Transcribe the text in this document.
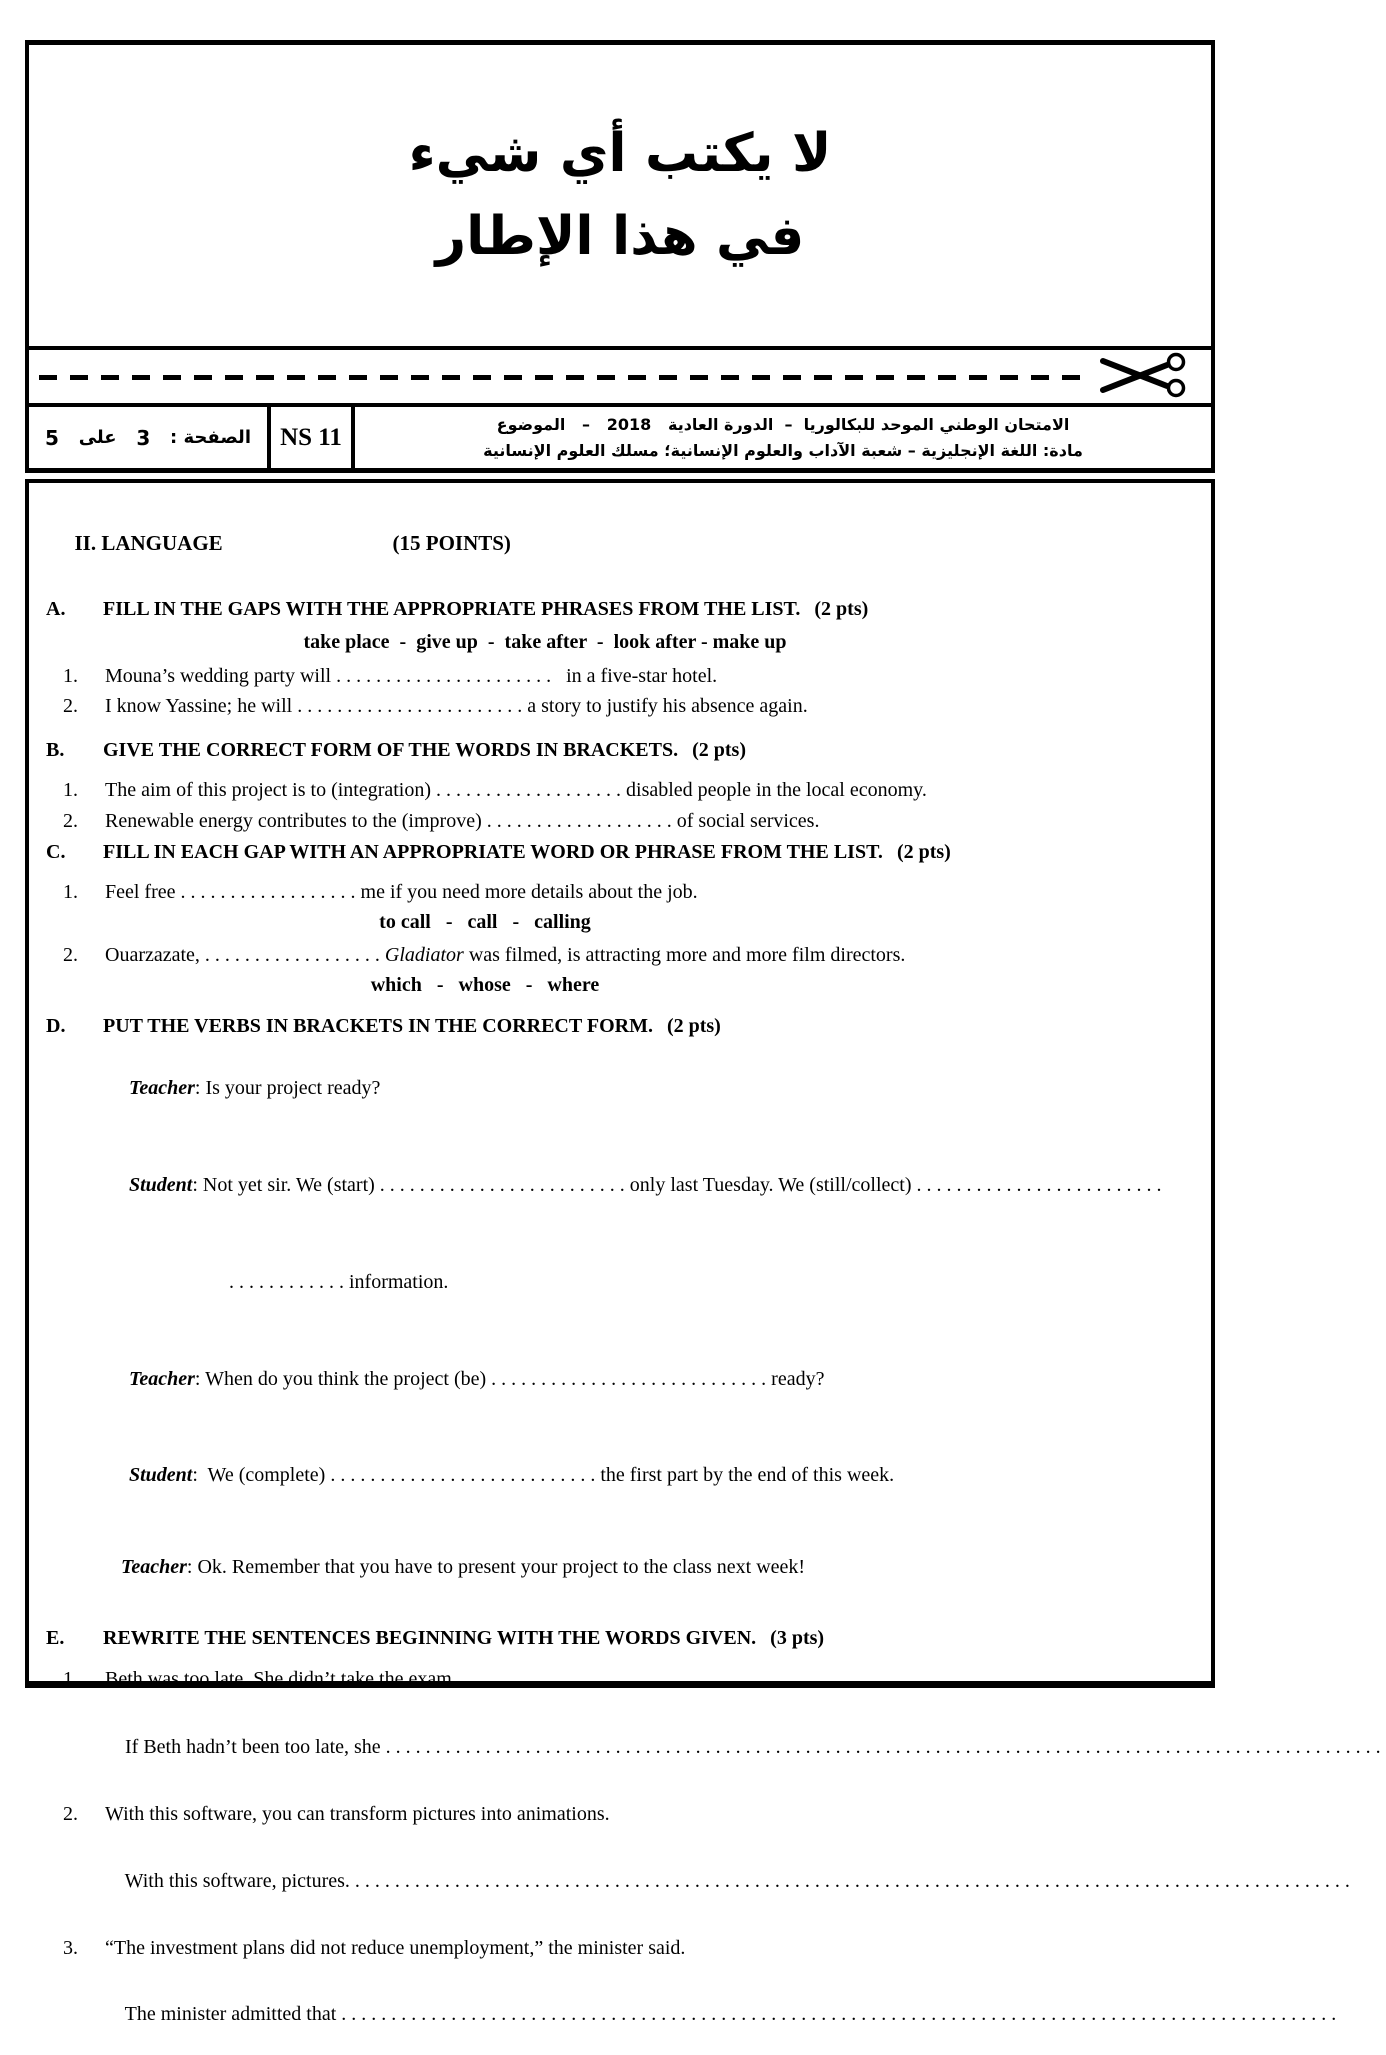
لا يكتب أي شيء
في هذا الإطار
الصفحة :
3
على
5	NS 11	الامتحان الوطني الموحد للبكالوريا  –  الدورة العادية   2018   –   الموضوع
مادة: اللغة الإنجليزية – شعبة الآداب والعلوم الإنسانية؛ مسلك العلوم الإنسانية

II. LANGUAGE	(15 POINTS)

A.	FILL IN THE GAPS WITH THE APPROPRIATE PHRASES FROM THE LIST. (2 pts)
take place  -  give up  -  take after  -  look after - make up
1.	Mouna’s wedding party will . . . . . . . . . . . . . . . . . . . . . .   in a five-star hotel.
2.	I know Yassine; he will . . . . . . . . . . . . . . . . . . . . . . . a story to justify his absence again.
B.	GIVE THE CORRECT FORM OF THE WORDS IN BRACKETS. (2 pts)
1.	The aim of this project is to (integration) . . . . . . . . . . . . . . . . . . . disabled people in the local economy.
2.	Renewable energy contributes to the (improve) . . . . . . . . . . . . . . . . . . . of social services.
C.	FILL IN EACH GAP WITH AN APPROPRIATE WORD OR PHRASE FROM THE LIST. (2 pts)
1.	Feel free . . . . . . . . . . . . . . . . . . me if you need more details about the job.
to call   -   call   -   calling
2.	Ouarzazate, . . . . . . . . . . . . . . . . . . Gladiator was filmed, is attracting more and more film directors.
which   -   whose   -   where
D.	PUT THE VERBS IN BRACKETS IN THE CORRECT FORM. (2 pts)

Teacher: Is your project ready?

Student: Not yet sir. We (start) . . . . . . . . . . . . . . . . . . . . . . . . . only last Tuesday. We (still/collect) . . . . . . . . . . . . . . . . . . . . . . . . .

. . . . . . . . . . . . information.

Teacher: When do you think the project (be) . . . . . . . . . . . . . . . . . . . . . . . . . . . . ready?

Student:  We (complete) . . . . . . . . . . . . . . . . . . . . . . . . . . . the first part by the end of this week.

Teacher: Ok. Remember that you have to present your project to the class next week!

E.	REWRITE THE SENTENCES BEGINNING WITH THE WORDS GIVEN. (3 pts)
1.	Beth was too late. She didn’t take the exam.

If Beth hadn’t been too late, she . . . . . . . . . . . . . . . . . . . . . . . . . . . . . . . . . . . . . . . . . . . . . . . . . . . . . . . . . . . . . . . . . . . . . . . . . . . . . . . . . . . . . . . . . . . . . . . . . . . .

2.	With this software, you can transform pictures into animations.

With this software, pictures. . . . . . . . . . . . . . . . . . . . . . . . . . . . . . . . . . . . . . . . . . . . . . . . . . . . . . . . . . . . . . . . . . . . . . . . . . . . . . . . . . . . . . . . . . . . . . . . . . . . .

3.	“The investment plans did not reduce unemployment,” the minister said.

The minister admitted that . . . . . . . . . . . . . . . . . . . . . . . . . . . . . . . . . . . . . . . . . . . . . . . . . . . . . . . . . . . . . . . . . . . . . . . . . . . . . . . . . . . . . . . . . . . . . . . . . . . .
